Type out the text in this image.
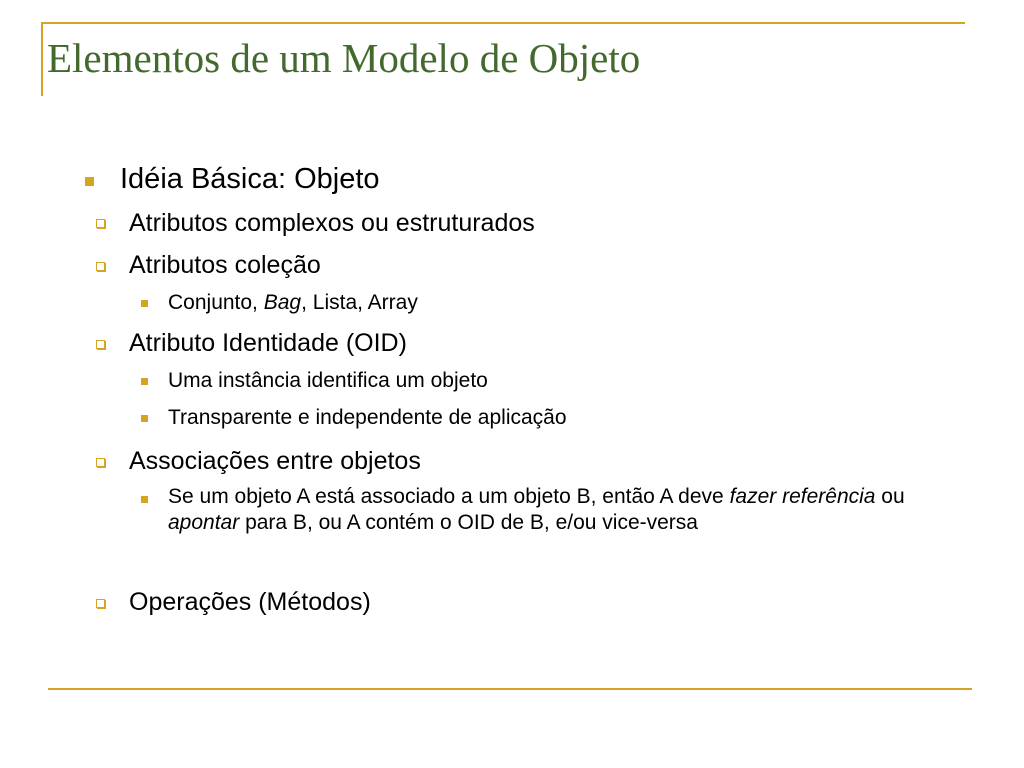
Elementos de um Modelo de Objeto
Idéia Básica: Objeto
Atributos complexos ou estruturados
Atributos coleção
Conjunto, Bag, Lista, Array
Atributo Identidade (OID)
Uma instância identifica um objeto
Transparente e independente de aplicação
Associações entre objetos
Se um objeto A está associado a um objeto B, então A deve fazer referência ou apontar para B, ou A contém o OID de B, e/ou vice-versa
Operações (Métodos)
